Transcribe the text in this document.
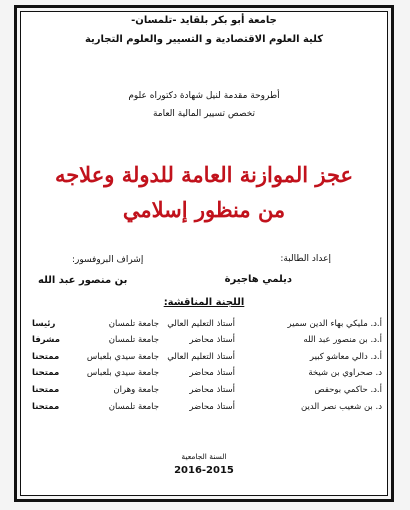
جامعة أبو بكر بلقايد -تلمسان-
كلية العلوم الاقتصادية و التسيير والعلوم التجارية
أطروحة مقدمة لنيل شهادة دكتوراه علوم
تخصص تسيير المالية العامة
عجز الموازنة العامة للدولة وعلاجه
من منظور إسلامي
إعداد الطالبة:
إشراف البروفسور:
ديلمي هاجيرة
بن منصور عبد الله
اللجنة المناقشة:
أ.د. مليكي بهاء الدين سمير
أستاذ التعليم العالي
جامعة تلمسان
رئيسا
أ.د. بن منصور عبد الله
أستاذ محاضر
جامعة تلمسان
مشرفا
أ.د. دالي معاشو كبير
أستاذ التعليم العالي
جامعة سيدي بلعباس
ممتحنا
د. صحراوي بن شيخة
أستاذ محاضر
جامعة سيدي بلعباس
ممتحنا
أ.د. حاكمي بوحفص
أستاذ محاضر
جامعة وهران
ممتحنا
د. بن شعيب نصر الدين
أستاذ محاضر
جامعة تلمسان
ممتحنا
السنة الجامعية
2016-2015
